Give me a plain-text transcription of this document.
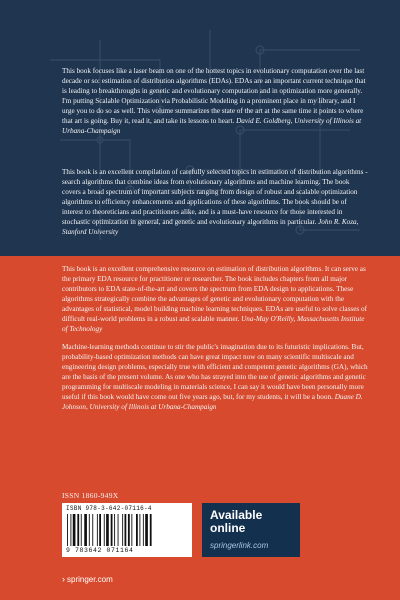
This book focuses like a laser beam on one of the hottest topics in evolutionary computation over the last decade or so: estimation of distribution algorithms (EDAs). EDAs are an important current technique that is leading to breakthroughs in genetic and evolutionary computation and in optimization more generally. I'm putting Scalable Optimization via Probabilistic Modeling in a prominent place in my library, and I urge you to do so as well. This volume summarizes the state of the art at the same time it points to where that art is going. Buy it, read it, and take its lessons to heart. David E. Goldberg, University of Illinois at Urbana-Champaign

This book is an excellent compilation of carefully selected topics in estimation of distribution algorithms - search algorithms that combine ideas from evolutionary algorithms and machine learning. The book covers a broad spectrum of important subjects ranging from design of robust and scalable optimization algorithms to efficiency enhancements and applications of these algorithms. The book should be of interest to theoreticians and practitioners alike, and is a must-have resource for those interested in stochastic optimization in general, and genetic and evolutionary algorithms in particular. John R. Koza, Stanford University

This book is an excellent comprehensive resource on estimation of distribution algorithms. It can serve as the primary EDA resource for practitioner or researcher. The book includes chapters from all major contributors to EDA state-of-the-art and covers the spectrum from EDA design to applications. These algorithms strategically combine the advantages of genetic and evolutionary computation with the advantages of statistical, model building machine learning techniques. EDAs are useful to solve classes of difficult real-world problems in a robust and scalable manner. Una-May O'Reilly, Massachusetts Institute of Technology

Machine-learning methods continue to stir the public's imagination due to its futuristic implications. But, probability-based optimization methods can have great impact now on many scientific multiscale and engineering design problems, especially true with efficient and competent genetic algorithms (GA), which are the basis of the present volume. As one who has strayed into the use of genetic algorithms and genetic programming for multiscale modeling in materials science, I can say it would have been personally more useful if this book would have come out five years ago, but, for my students, it will be a boon. Duane D. Johnson, University of Illinois at Urbana-Champaign

ISSN 1860-949X
ISBN 978-3-642-07116-4
9 783642 071164
Available online
springerlink.com
› springer.com
